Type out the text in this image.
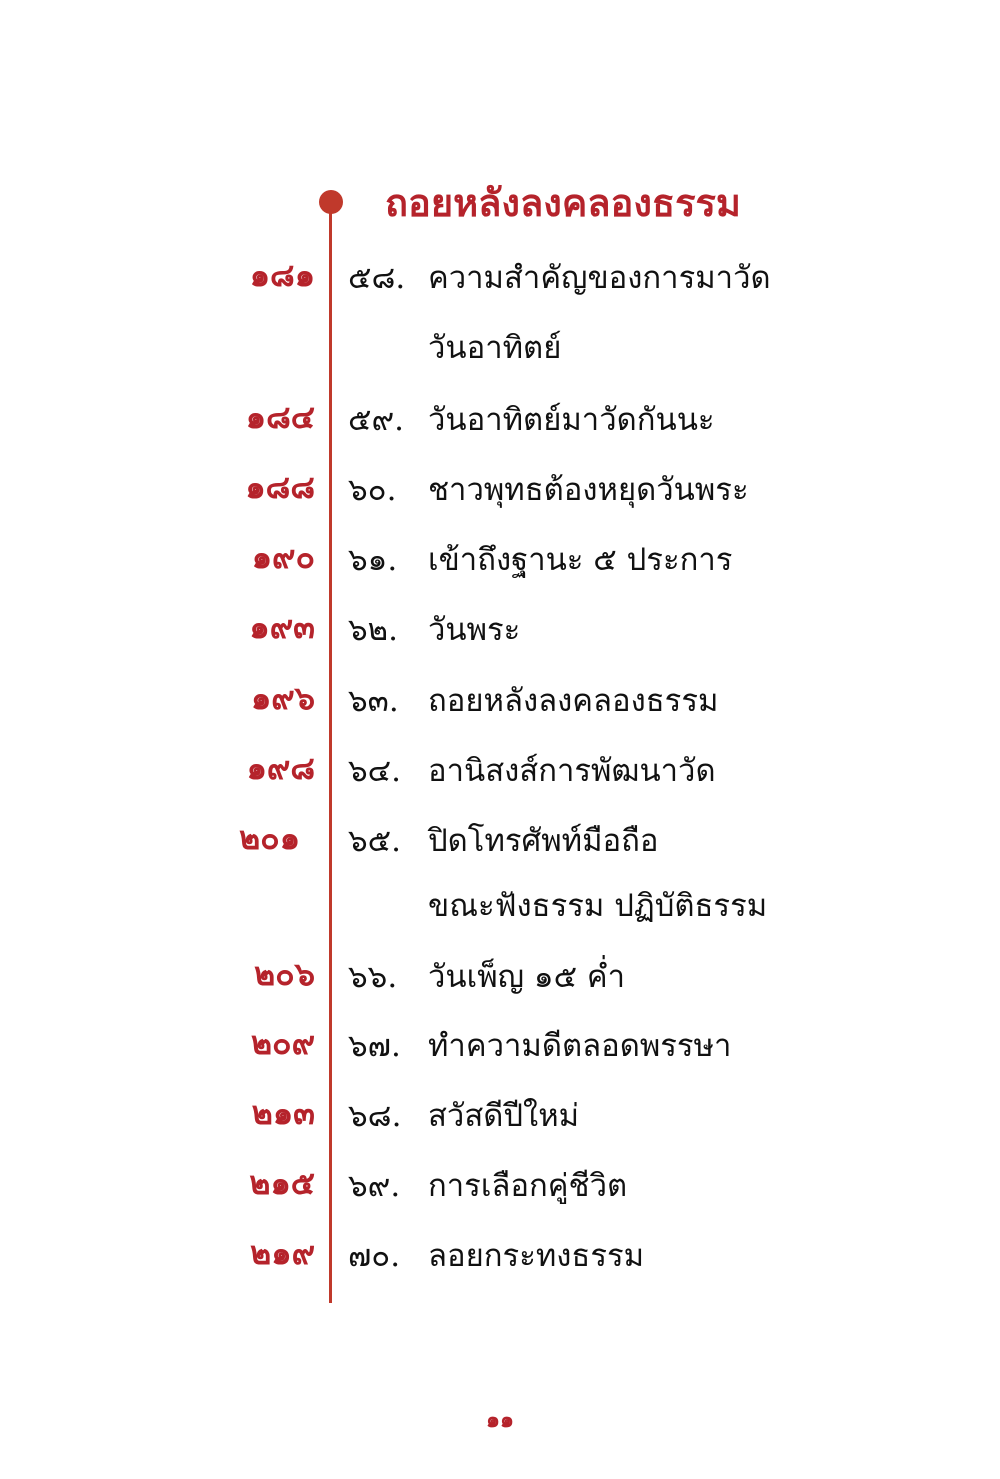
ถอยหลังลงคลองธรรม
๑๘๑ ๕๘. ความสำคัญของการมาวัด
วันอาทิตย์
๑๘๔ ๕๙. วันอาทิตย์มาวัดกันนะ
๑๘๘ ๖๐. ชาวพุทธต้องหยุดวันพระ
๑๙๐ ๖๑. เข้าถึงฐานะ ๕ ประการ
๑๙๓ ๖๒. วันพระ
๑๙๖ ๖๓. ถอยหลังลงคลองธรรม
๑๙๘ ๖๔. อานิสงส์การพัฒนาวัด
๒๐๑ ๖๕. ปิดโทรศัพท์มือถือ
ขณะฟังธรรม ปฏิบัติธรรม
๒๐๖ ๖๖. วันเพ็ญ ๑๕ ค่ำ
๒๐๙ ๖๗. ทำความดีตลอดพรรษา
๒๑๓ ๖๘. สวัสดีปีใหม่
๒๑๕ ๖๙. การเลือกคู่ชีวิต
๒๑๙ ๗๐. ลอยกระทงธรรม
๑๑
